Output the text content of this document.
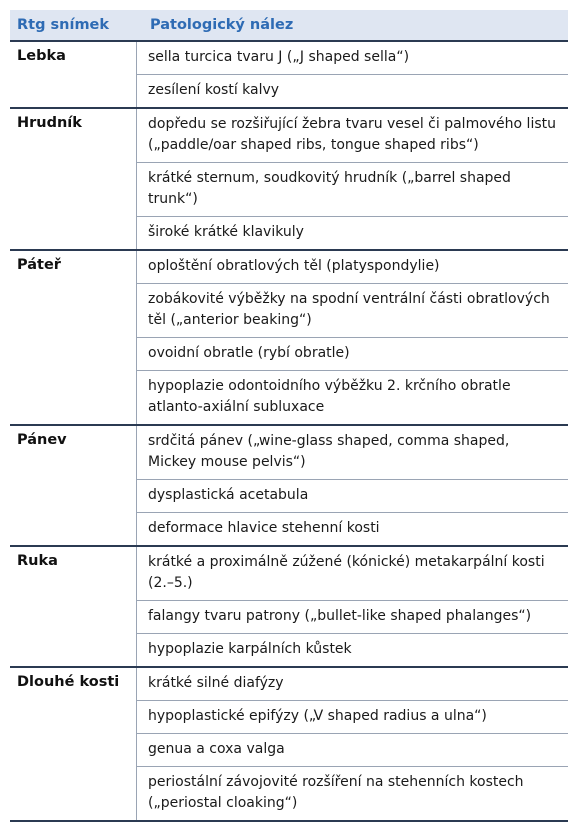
Rtg snímek	Patologický nález
Lebka	sella turcica tvaru J („J shaped sella“)
zesílení kostí kalvy
Hrudník	dopředu se rozšiřující žebra tvaru vesel či palmového listu („paddle/oar shaped ribs, tongue shaped ribs“)
krátké sternum, soudkovitý hrudník („barrel shaped trunk“)
široké krátké klavikuly
Páteř	oploštění obratlových těl (platyspondylie)
zobákovité výběžky na spodní ventrální části obratlových těl („anterior beaking“)
ovoidní obratle (rybí obratle)
hypoplazie odontoidního výběžku 2. krčního obratle atlanto-axiální subluxace
Pánev	srdčitá pánev („wine-glass shaped, comma shaped, Mickey mouse pelvis“)
dysplastická acetabula
deformace hlavice stehenní kosti
Ruka	krátké a proximálně zúžené (kónické) metakarpální kosti (2.–5.)
falangy tvaru patrony („bullet-like shaped phalanges“)
hypoplazie karpálních kůstek
Dlouhé kosti	krátké silné diafýzy
hypoplastické epifýzy („V shaped radius a ulna“)
genua a coxa valga
periostální závojovité rozšíření na stehenních kostech („periostal cloaking“)
